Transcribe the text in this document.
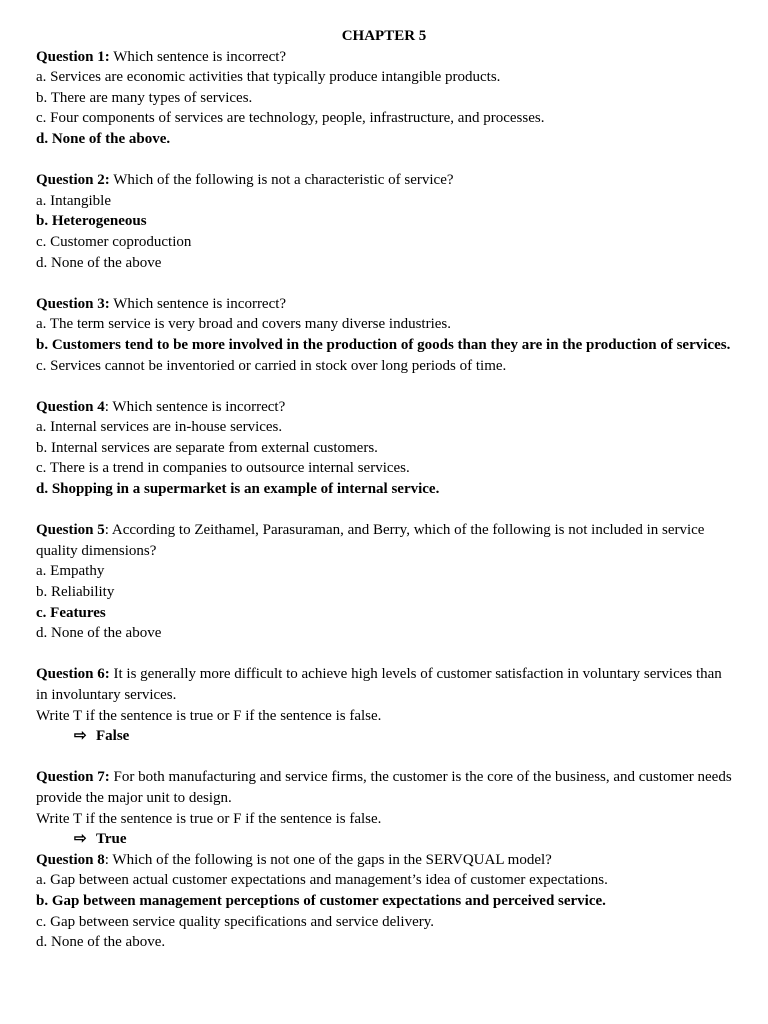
CHAPTER 5
Question 1: Which sentence is incorrect?
a. Services are economic activities that typically produce intangible products.
b. There are many types of services.
c. Four components of services are technology, people, infrastructure, and processes.
d. None of the above.
Question 2: Which of the following is not a characteristic of service?
a. Intangible
b. Heterogeneous
c. Customer coproduction
d. None of the above
Question 3: Which sentence is incorrect?
a. The term service is very broad and covers many diverse industries.
b. Customers tend to be more involved in the production of goods than they are in the production of services.
c. Services cannot be inventoried or carried in stock over long periods of time.
Question 4: Which sentence is incorrect?
a. Internal services are in-house services.
b. Internal services are separate from external customers.
c. There is a trend in companies to outsource internal services.
d. Shopping in a supermarket is an example of internal service.
Question 5: According to Zeithamel, Parasuraman, and Berry, which of the following is not included in service quality dimensions?
a. Empathy
b. Reliability
c. Features
d. None of the above
Question 6: It is generally more difficult to achieve high levels of customer satisfaction in voluntary services than in involuntary services.
Write T if the sentence is true or F if the sentence is false.
⇨ False
Question 7: For both manufacturing and service firms, the customer is the core of the business, and customer needs provide the major unit to design.
Write T if the sentence is true or F if the sentence is false.
⇨ True
Question 8: Which of the following is not one of the gaps in the SERVQUAL model?
a. Gap between actual customer expectations and management’s idea of customer expectations.
b. Gap between management perceptions of customer expectations and perceived service.
c. Gap between service quality specifications and service delivery.
d. None of the above.
